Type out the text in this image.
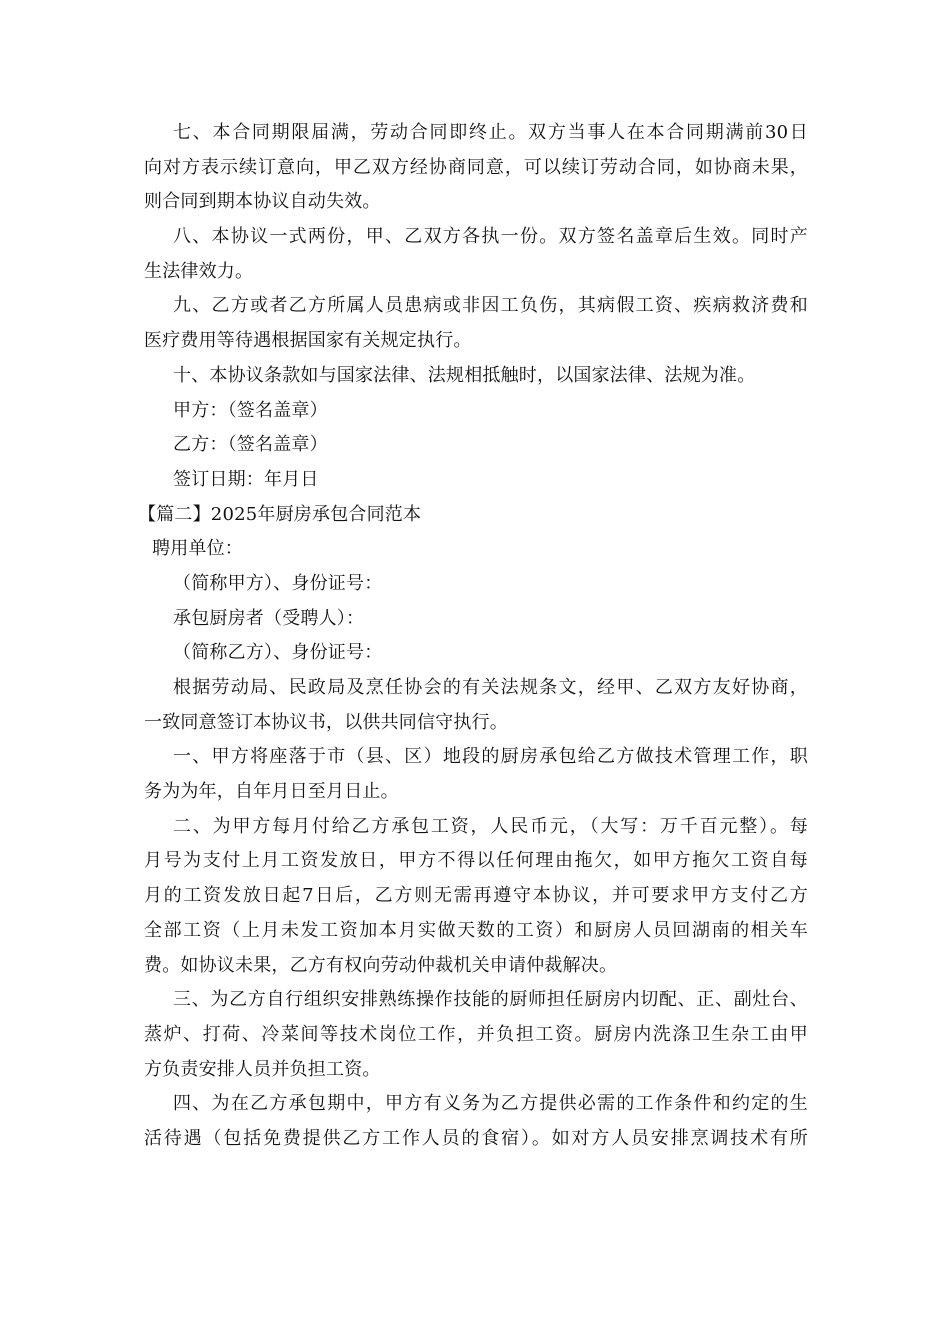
七、本合同期限届满，劳动合同即终止。双方当事人在本合同期满前30日
向对方表示续订意向，甲乙双方经协商同意，可以续订劳动合同，如协商未果，
则合同到期本协议自动失效。
八、本协议一式两份，甲、乙双方各执一份。双方签名盖章后生效。同时产
生法律效力。
九、乙方或者乙方所属人员患病或非因工负伤，其病假工资、疾病救济费和
医疗费用等待遇根据国家有关规定执行。
十、本协议条款如与国家法律、法规相抵触时，以国家法律、法规为准。
甲方：（签名盖章）
乙方：（签名盖章）
签订日期：年月日
【篇二】2025年厨房承包合同范本
聘用单位：
（简称甲方）、身份证号：
承包厨房者（受聘人）：
（简称乙方）、身份证号：
根据劳动局、民政局及烹任协会的有关法规条文，经甲、乙双方友好协商，
一致同意签订本协议书，以供共同信守执行。
一、甲方将座落于市（县、区）地段的厨房承包给乙方做技术管理工作，职
务为为年，自年月日至月日止。
二、为甲方每月付给乙方承包工资，人民币元，（大写：万千百元整）。每
月号为支付上月工资发放日，甲方不得以任何理由拖欠，如甲方拖欠工资自每
月的工资发放日起7日后，乙方则无需再遵守本协议，并可要求甲方支付乙方
全部工资（上月未发工资加本月实做天数的工资）和厨房人员回湖南的相关车
费。如协议未果，乙方有权向劳动仲裁机关申请仲裁解决。
三、为乙方自行组织安排熟练操作技能的厨师担任厨房内切配、正、副灶台、
蒸炉、打荷、冷菜间等技术岗位工作，并负担工资。厨房内洗涤卫生杂工由甲
方负责安排人员并负担工资。
四、为在乙方承包期中，甲方有义务为乙方提供必需的工作条件和约定的生
活待遇（包括免费提供乙方工作人员的食宿）。如对方人员安排烹调技术有所
